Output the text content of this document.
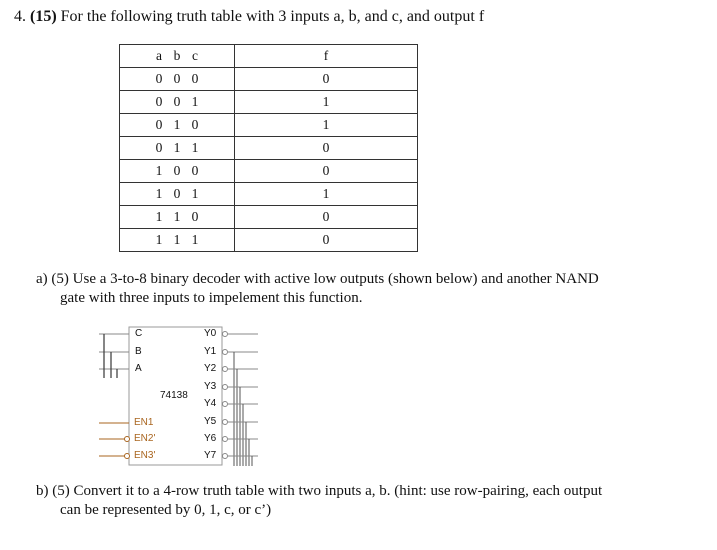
4. (15) For the following truth table with 3 inputs a, b, and c, and output f
a b c	f

0 0 0	0

0 0 1	1

0 1 0	1

0 1 1	0

1 0 0	0

1 0 1	1

1 1 0	0

1 1 1	0
a) (5) Use a 3-to-8 binary decoder with active low outputs (shown below) and another NAND
gate with three inputs to impelement this function.
C
B
A
74138
EN1
EN2'
EN3'
Y0
Y1
Y2
Y3
Y4
Y5
Y6
Y7
b) (5) Convert it to a 4-row truth table with two inputs a, b. (hint: use row-pairing, each output
can be represented by 0, 1, c, or c’)
